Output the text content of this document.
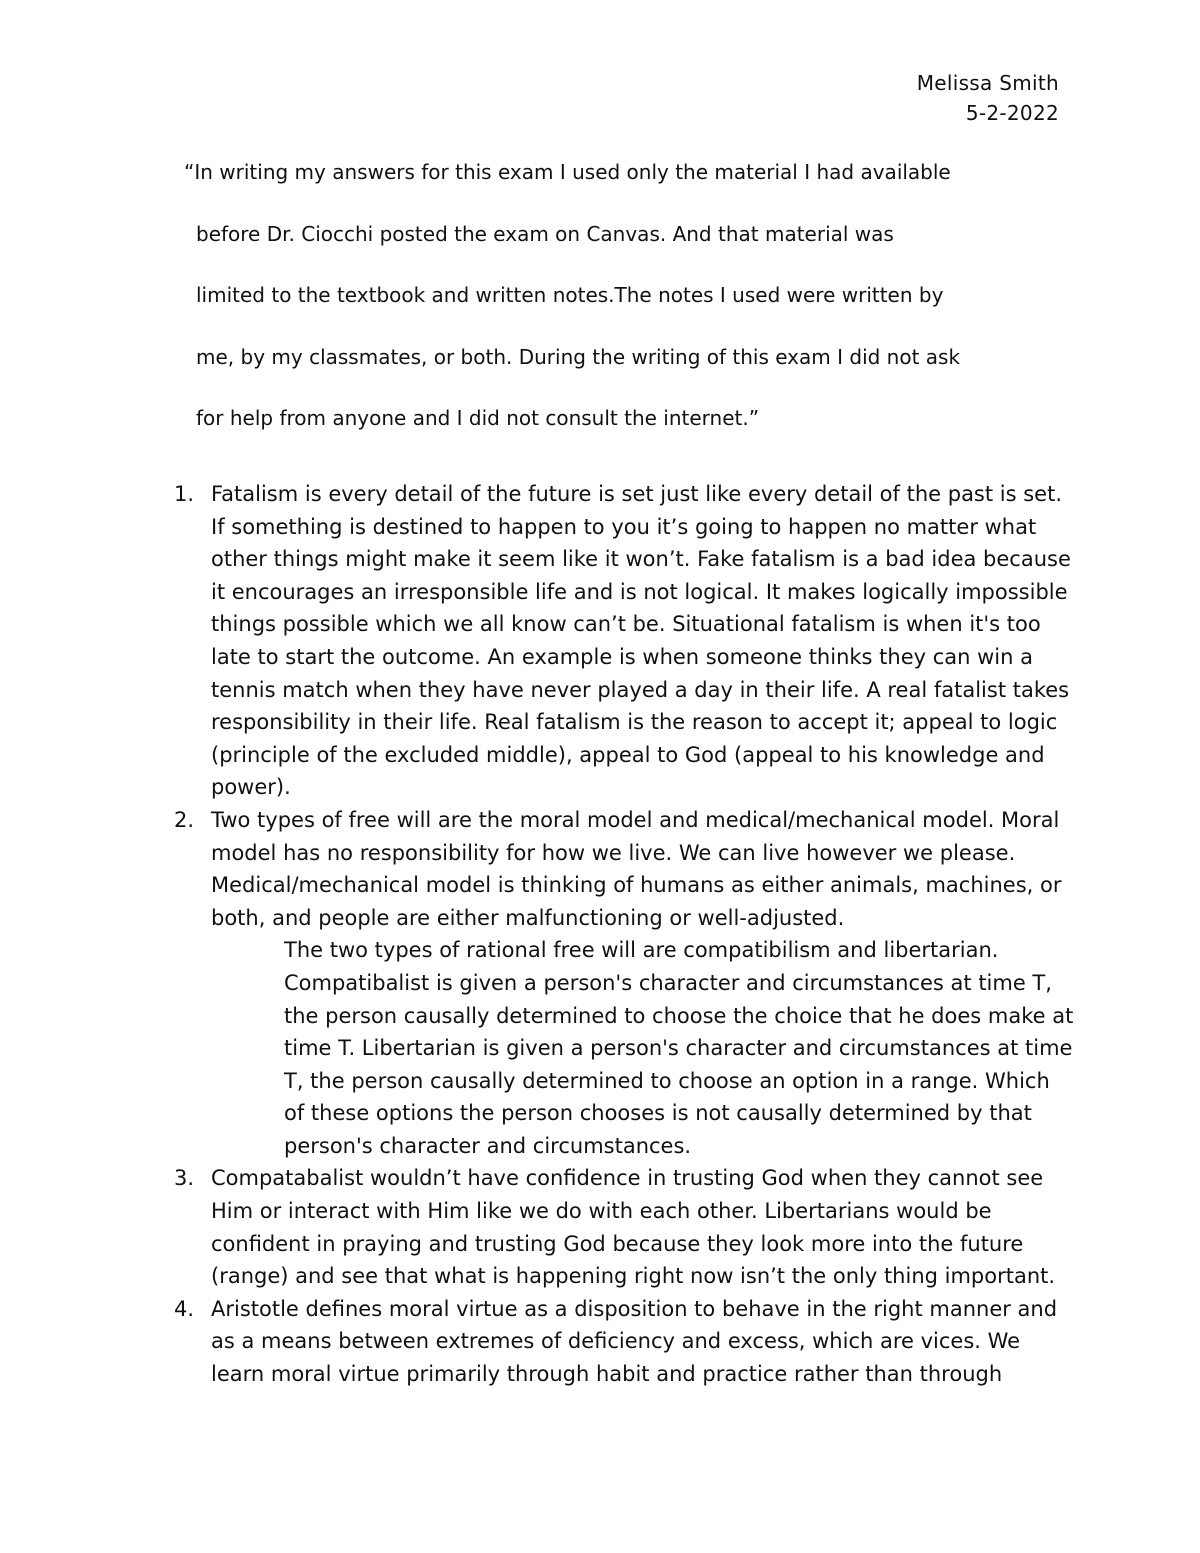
Melissa Smith
5-2-2022
“In writing my answers for this exam I used only the material I had available
before Dr. Ciocchi posted the exam on Canvas. And that material was
limited to the textbook and written notes.The notes I used were written by
me, by my classmates, or both. During the writing of this exam I did not ask
for help from anyone and I did not consult the internet.”
1. Fatalism is every detail of the future is set just like every detail of the past is set.
If something is destined to happen to you it’s going to happen no matter what
other things might make it seem like it won’t. Fake fatalism is a bad idea because
it encourages an irresponsible life and is not logical. It makes logically impossible
things possible which we all know can’t be. Situational fatalism is when it's too
late to start the outcome. An example is when someone thinks they can win a
tennis match when they have never played a day in their life. A real fatalist takes
responsibility in their life. Real fatalism is the reason to accept it; appeal to logic
(principle of the excluded middle), appeal to God (appeal to his knowledge and
power).
2. Two types of free will are the moral model and medical/mechanical model. Moral
model has no responsibility for how we live. We can live however we please.
Medical/mechanical model is thinking of humans as either animals, machines, or
both, and people are either malfunctioning or well-adjusted.
The two types of rational free will are compatibilism and libertarian.
Compatibalist is given a person's character and circumstances at time T,
the person causally determined to choose the choice that he does make at
time T. Libertarian is given a person's character and circumstances at time
T, the person causally determined to choose an option in a range. Which
of these options the person chooses is not causally determined by that
person's character and circumstances.
3. Compatabalist wouldn’t have confidence in trusting God when they cannot see
Him or interact with Him like we do with each other. Libertarians would be
confident in praying and trusting God because they look more into the future
(range) and see that what is happening right now isn’t the only thing important.
4. Aristotle defines moral virtue as a disposition to behave in the right manner and
as a means between extremes of deficiency and excess, which are vices. We
learn moral virtue primarily through habit and practice rather than through
